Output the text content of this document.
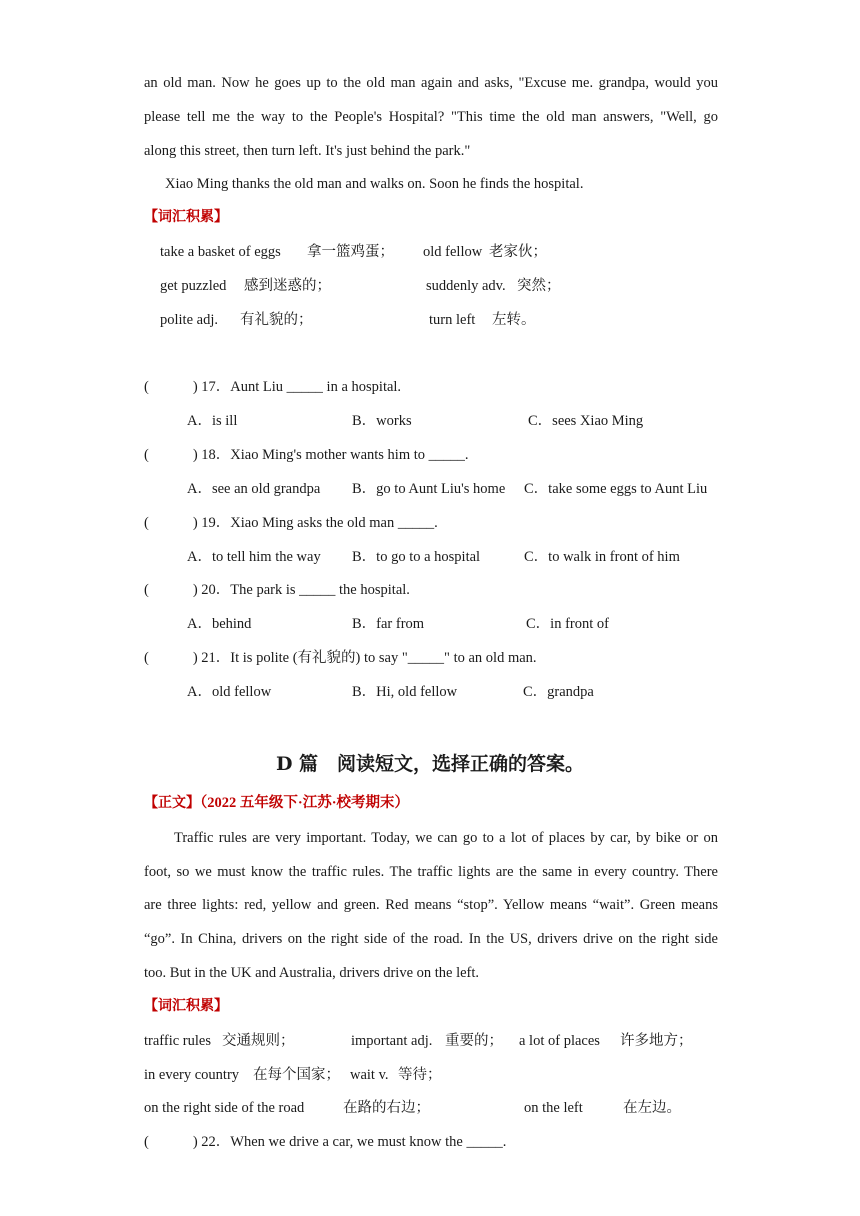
an old man. Now he goes up to the old man again and asks, "Excuse me. grandpa, would you
please tell me the way to the People's Hospital? "This time the old man answers, "Well, go
along this street, then turn left. It's just behind the park."
Xiao Ming thanks the old man and walks on. Soon he finds the hospital.
【词汇积累】
take a basket of eggs 拿一篮鸡蛋； old fellow 老家伙；
get puzzled 感到迷惑的；	suddenly adv. 突然；
polite adj. 有礼貌的；	turn left 左转。
(	) 17．Aunt Liu _____ in a hospital.
A．is ill	B．works	C．sees Xiao Ming
(	) 18．Xiao Ming's mother wants him to _____.
A．see an old grandpa B．go to Aunt Liu's home C．take some eggs to Aunt Liu
(	) 19．Xiao Ming asks the old man _____.
A．to tell him the way B．to go to a hospital	C．to walk in front of him
(	) 20．The park is _____ the hospital.
A．behind	B．far from	C．in front of
(	) 21．It is polite (有礼貌的) to say "_____" to an old man.
A．old fellow	B．Hi, old fellow	C．grandpa
D 篇　阅读短文，选择正确的答案。
【正文】（2022 五年级下·江苏·校考期末）
Traffic rules are very important. Today, we can go to a lot of places by car, by bike or on
foot, so we must know the traffic rules. The traffic lights are the same in every country. There
are three lights: red, yellow and green. Red means “stop”. Yellow means “wait”. Green means
“go”. In China, drivers on the right side of the road. In the US, drivers drive on the right side
too. But in the UK and Australia, drivers drive on the left.
【词汇积累】
traffic rules 交通规则；	important adj. 重要的； a lot of places 许多地方；
in every country 在每个国家； wait v. 等待；
on the right side of the road	在路的右边；	on the left	在左边。
(	) 22．When we drive a car, we must know the _____.
